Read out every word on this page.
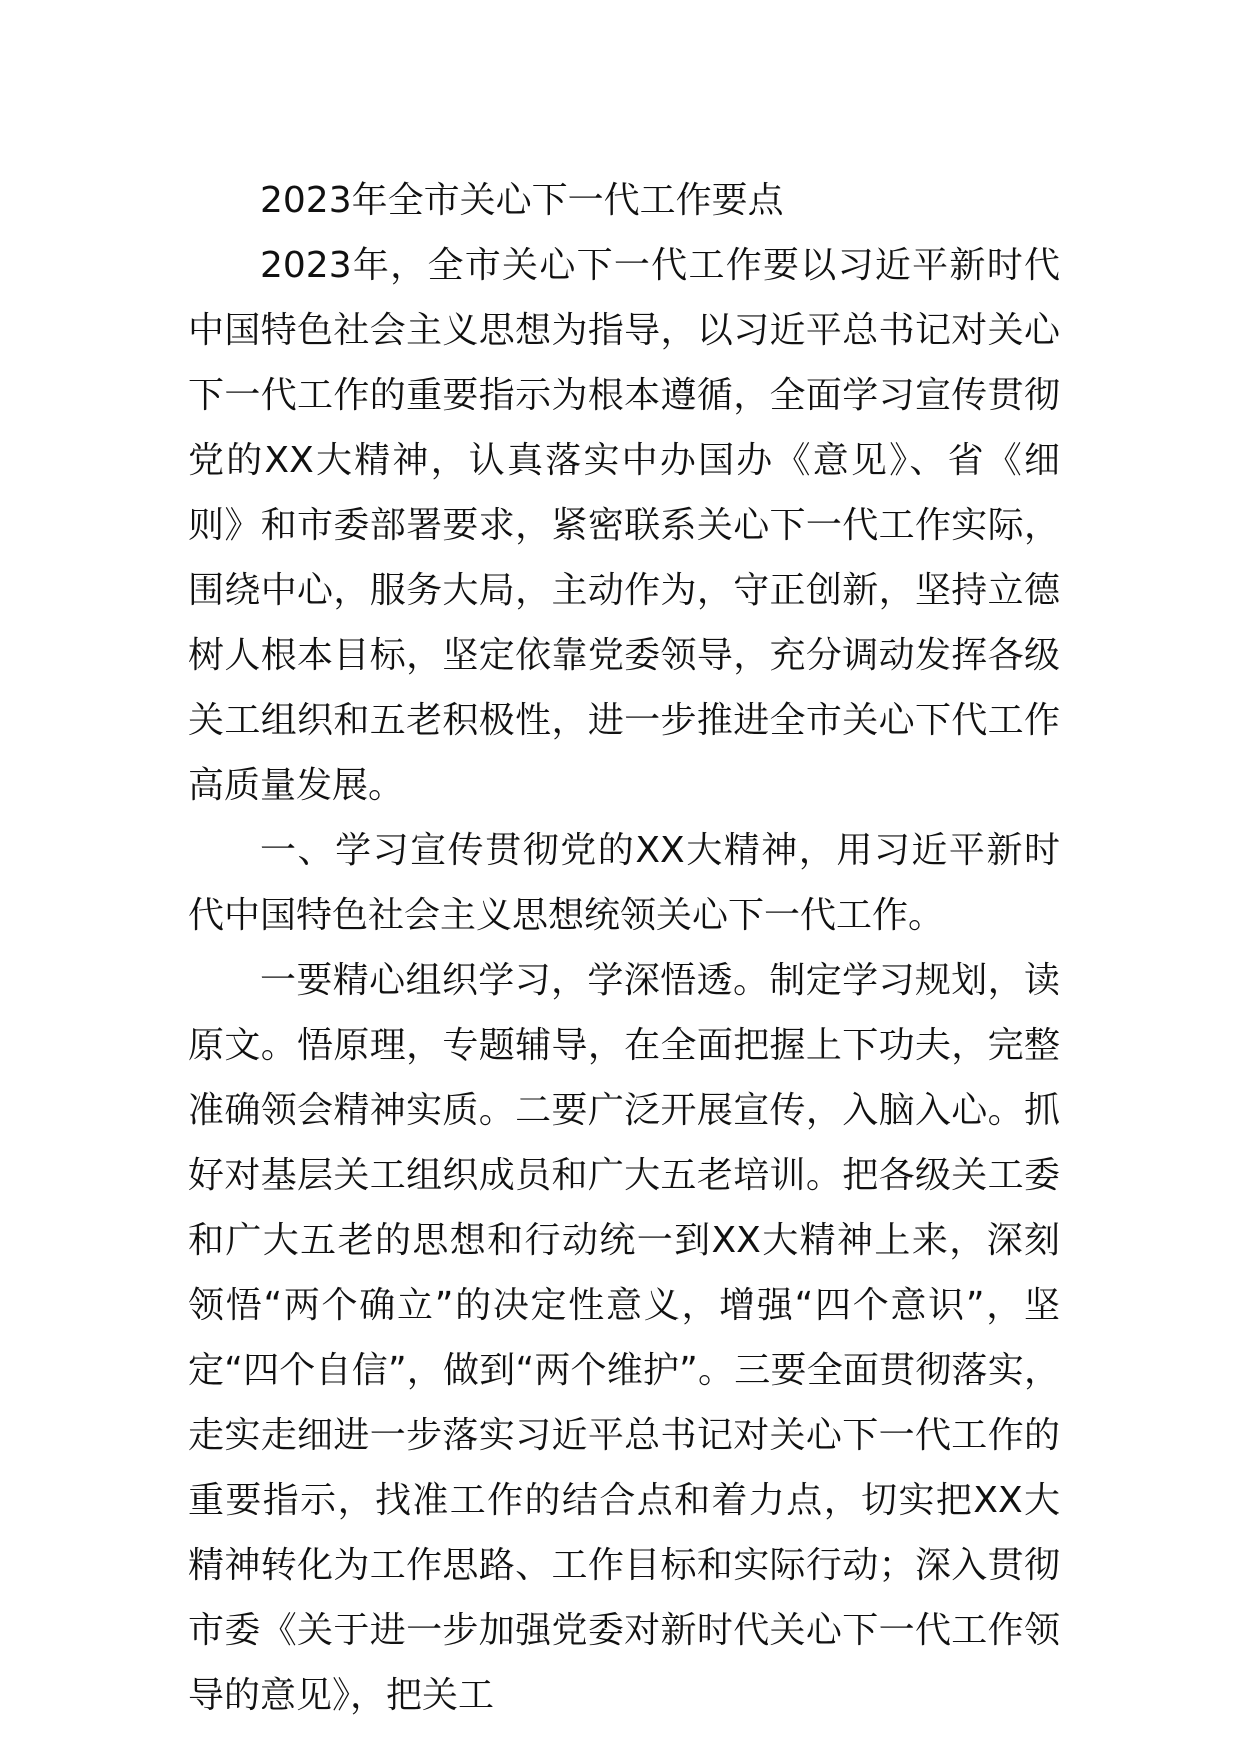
2023年全市关心下一代工作要点

2023年，全市关心下一代工作要以习近平新时代中国特色社会主义思想为指导，以习近平总书记对关心下一代工作的重要指示为根本遵循，全面学习宣传贯彻党的XX大精神，认真落实中办国办《意见》、省《细则》和市委部署要求，紧密联系关心下一代工作实际，围绕中心，服务大局，主动作为，守正创新，坚持立德树人根本目标，坚定依靠党委领导，充分调动发挥各级关工组织和五老积极性，进一步推进全市关心下代工作高质量发展。

一、学习宣传贯彻党的XX大精神，用习近平新时代中国特色社会主义思想统领关心下一代工作。

一要精心组织学习，学深悟透。制定学习规划，读原文。悟原理，专题辅导，在全面把握上下功夫，完整准确领会精神实质。二要广泛开展宣传，入脑入心。抓好对基层关工组织成员和广大五老培训。把各级关工委和广大五老的思想和行动统一到XX大精神上来，深刻领悟“两个确立”的决定性意义，增强“四个意识”，坚定“四个自信”，做到“两个维护”。三要全面贯彻落实，走实走细进一步落实习近平总书记对关心下一代工作的重要指示，找准工作的结合点和着力点，切实把XX大精神转化为工作思路、工作目标和实际行动；深入贯彻市委《关于进一步加强党委对新时代关心下一代工作领导的意见》，把关工
